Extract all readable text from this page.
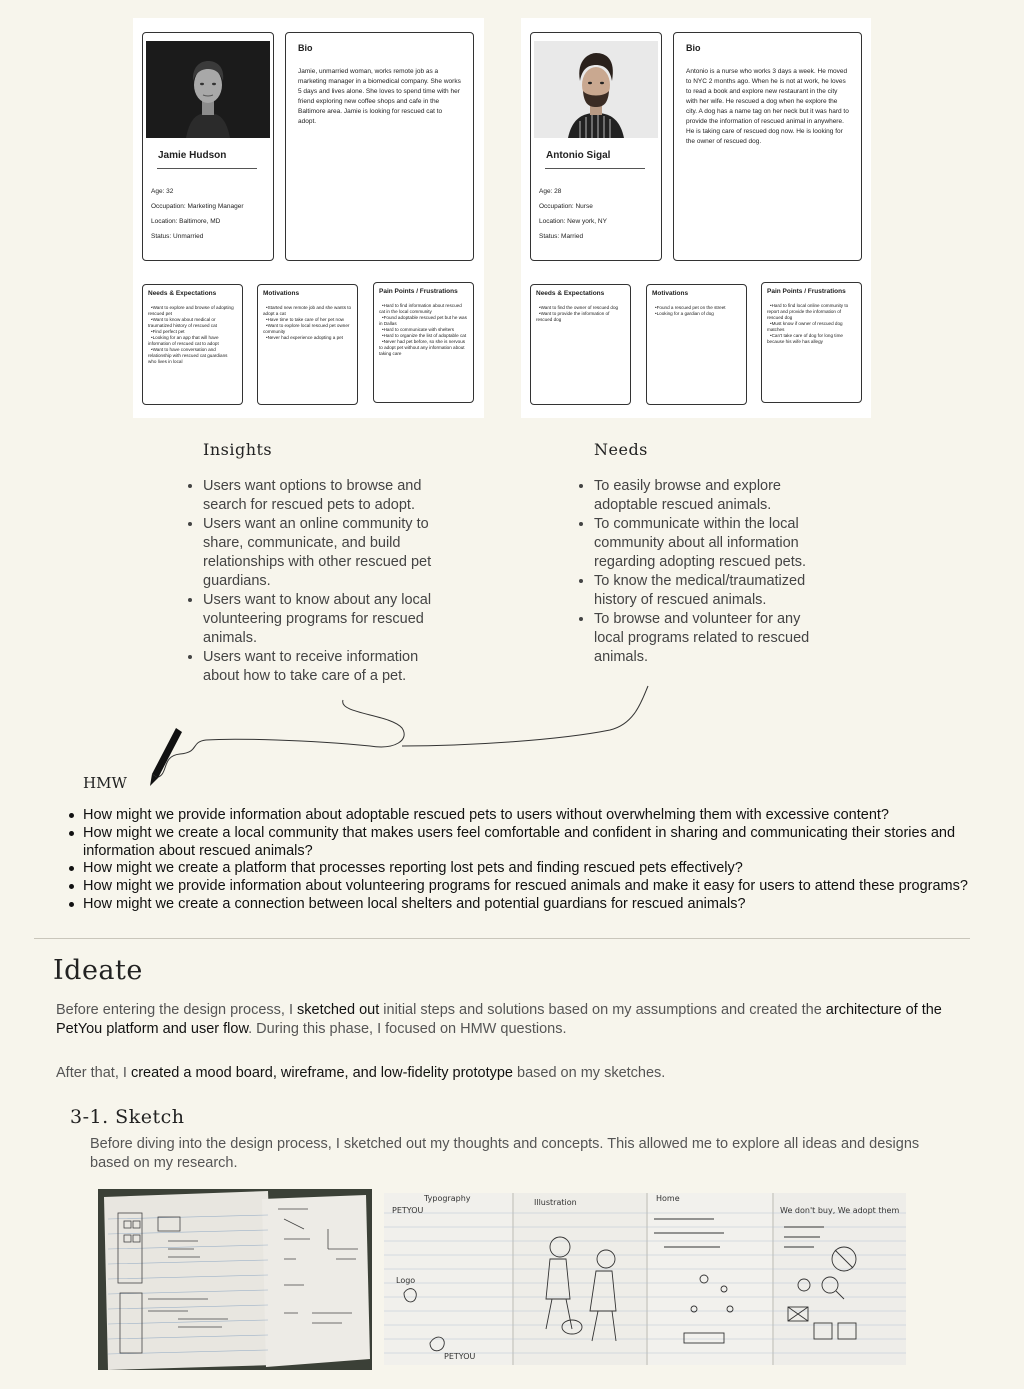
Jamie Hudson
Age: 32
Occupation: Marketing Manager
Location: Baltimore, MD
Status: Unmarried
Bio

Jamie, unmarried woman, works remote job as a marketing manager in a biomedical company. She works 5 days and lives alone. She loves to spend time with her friend exploring new coffee shops and cafe in the Baltimore area. Jamie is looking for rescued cat to adopt.

Needs & Expectations
• Want to explore and browse of adopting rescued pet
• Want to know about medical or traumatized history of rescued cat
• Find perfect pet
• Looking for an app that will have information of rescued cat to adopt
• Want to have conversation and relationship with rescued cat guardians who lives in local
Motivations
• Started new remote job and she wants to adopt a cat
• Have time to take care of her pet now
• Want to explore local rescued pet owner community
• Never had experience adopting a pet
Pain Points / Frustrations
• Hard to find information about rescued cat in the local community
• Found adoptable rescued pet but he was in Dallas
• Hard to communicate with shelters
• Hard to organize the list of adoptable cat
• Never had pet before, so she is nervous to adopt pet without any information about taking care
Antonio Sigal
Age: 28
Occupation: Nurse
Location: New york, NY
Status: Married
Bio

Antonio is a nurse who works 3 days a week. He moved to NYC 2 months ago. When he is not at work, he loves to read a book and explore new restaurant in the city with her wife. He rescued a dog when he explore the city. A dog has a name tag on her neck but it was hard to provide the information of rescued animal in anywhere. He is taking care of rescued dog now. He is looking for the owner of rescued dog.

Needs & Expectations
• Want to find the owner of rescued dog
• Want to provide the information of rescued dog
Motivations
• Found a rescued pet on the street
• Looking for a gardian of dog
Pain Points / Frustrations
• Hard to find local online community to report and provide the information of rescued dog
• Must know if owner of rescued dog matches
• Can't take care of dog for long time because his wife has allegy
Insights
• Users want options to browse and search for rescued pets to adopt.
• Users want an online community to share, communicate, and build relationships with other rescued pet guardians.
• Users want to know about any local volunteering programs for rescued animals.
• Users want to receive information about how to take care of a pet.
Needs
• To easily browse and explore adoptable rescued animals.
• To communicate within the local community about all information regarding adopting rescued pets.
• To know the medical/traumatized history of rescued animals.
• To browse and volunteer for any local programs related to rescued animals.
HMW
How might we provide information about adoptable rescued pets to users without overwhelming them with excessive content?
How might we create a local community that makes users feel comfortable and confident in sharing and communicating their stories and information about rescued animals?
How might we create a platform that processes reporting lost pets and finding rescued pets effectively?
How might we provide information about volunteering programs for rescued animals and make it easy for users to attend these programs?
How might we create a connection between local shelters and potential guardians for rescued animals?
Ideate
Before entering the design process, I sketched out initial steps and solutions based on my assumptions and created the architecture of the PetYou platform and user flow. During this phase, I focused on HMW questions.
After that, I created a mood board, wireframe, and low-fidelity prototype based on my sketches.
3-1. Sketch
Before diving into the design process, I sketched out my thoughts and concepts. This allowed me to explore all ideas and designs based on my research.
Typography	Illustration	Home
PETYOU
Logo
PETYOU
We don't buy, We adopt them
